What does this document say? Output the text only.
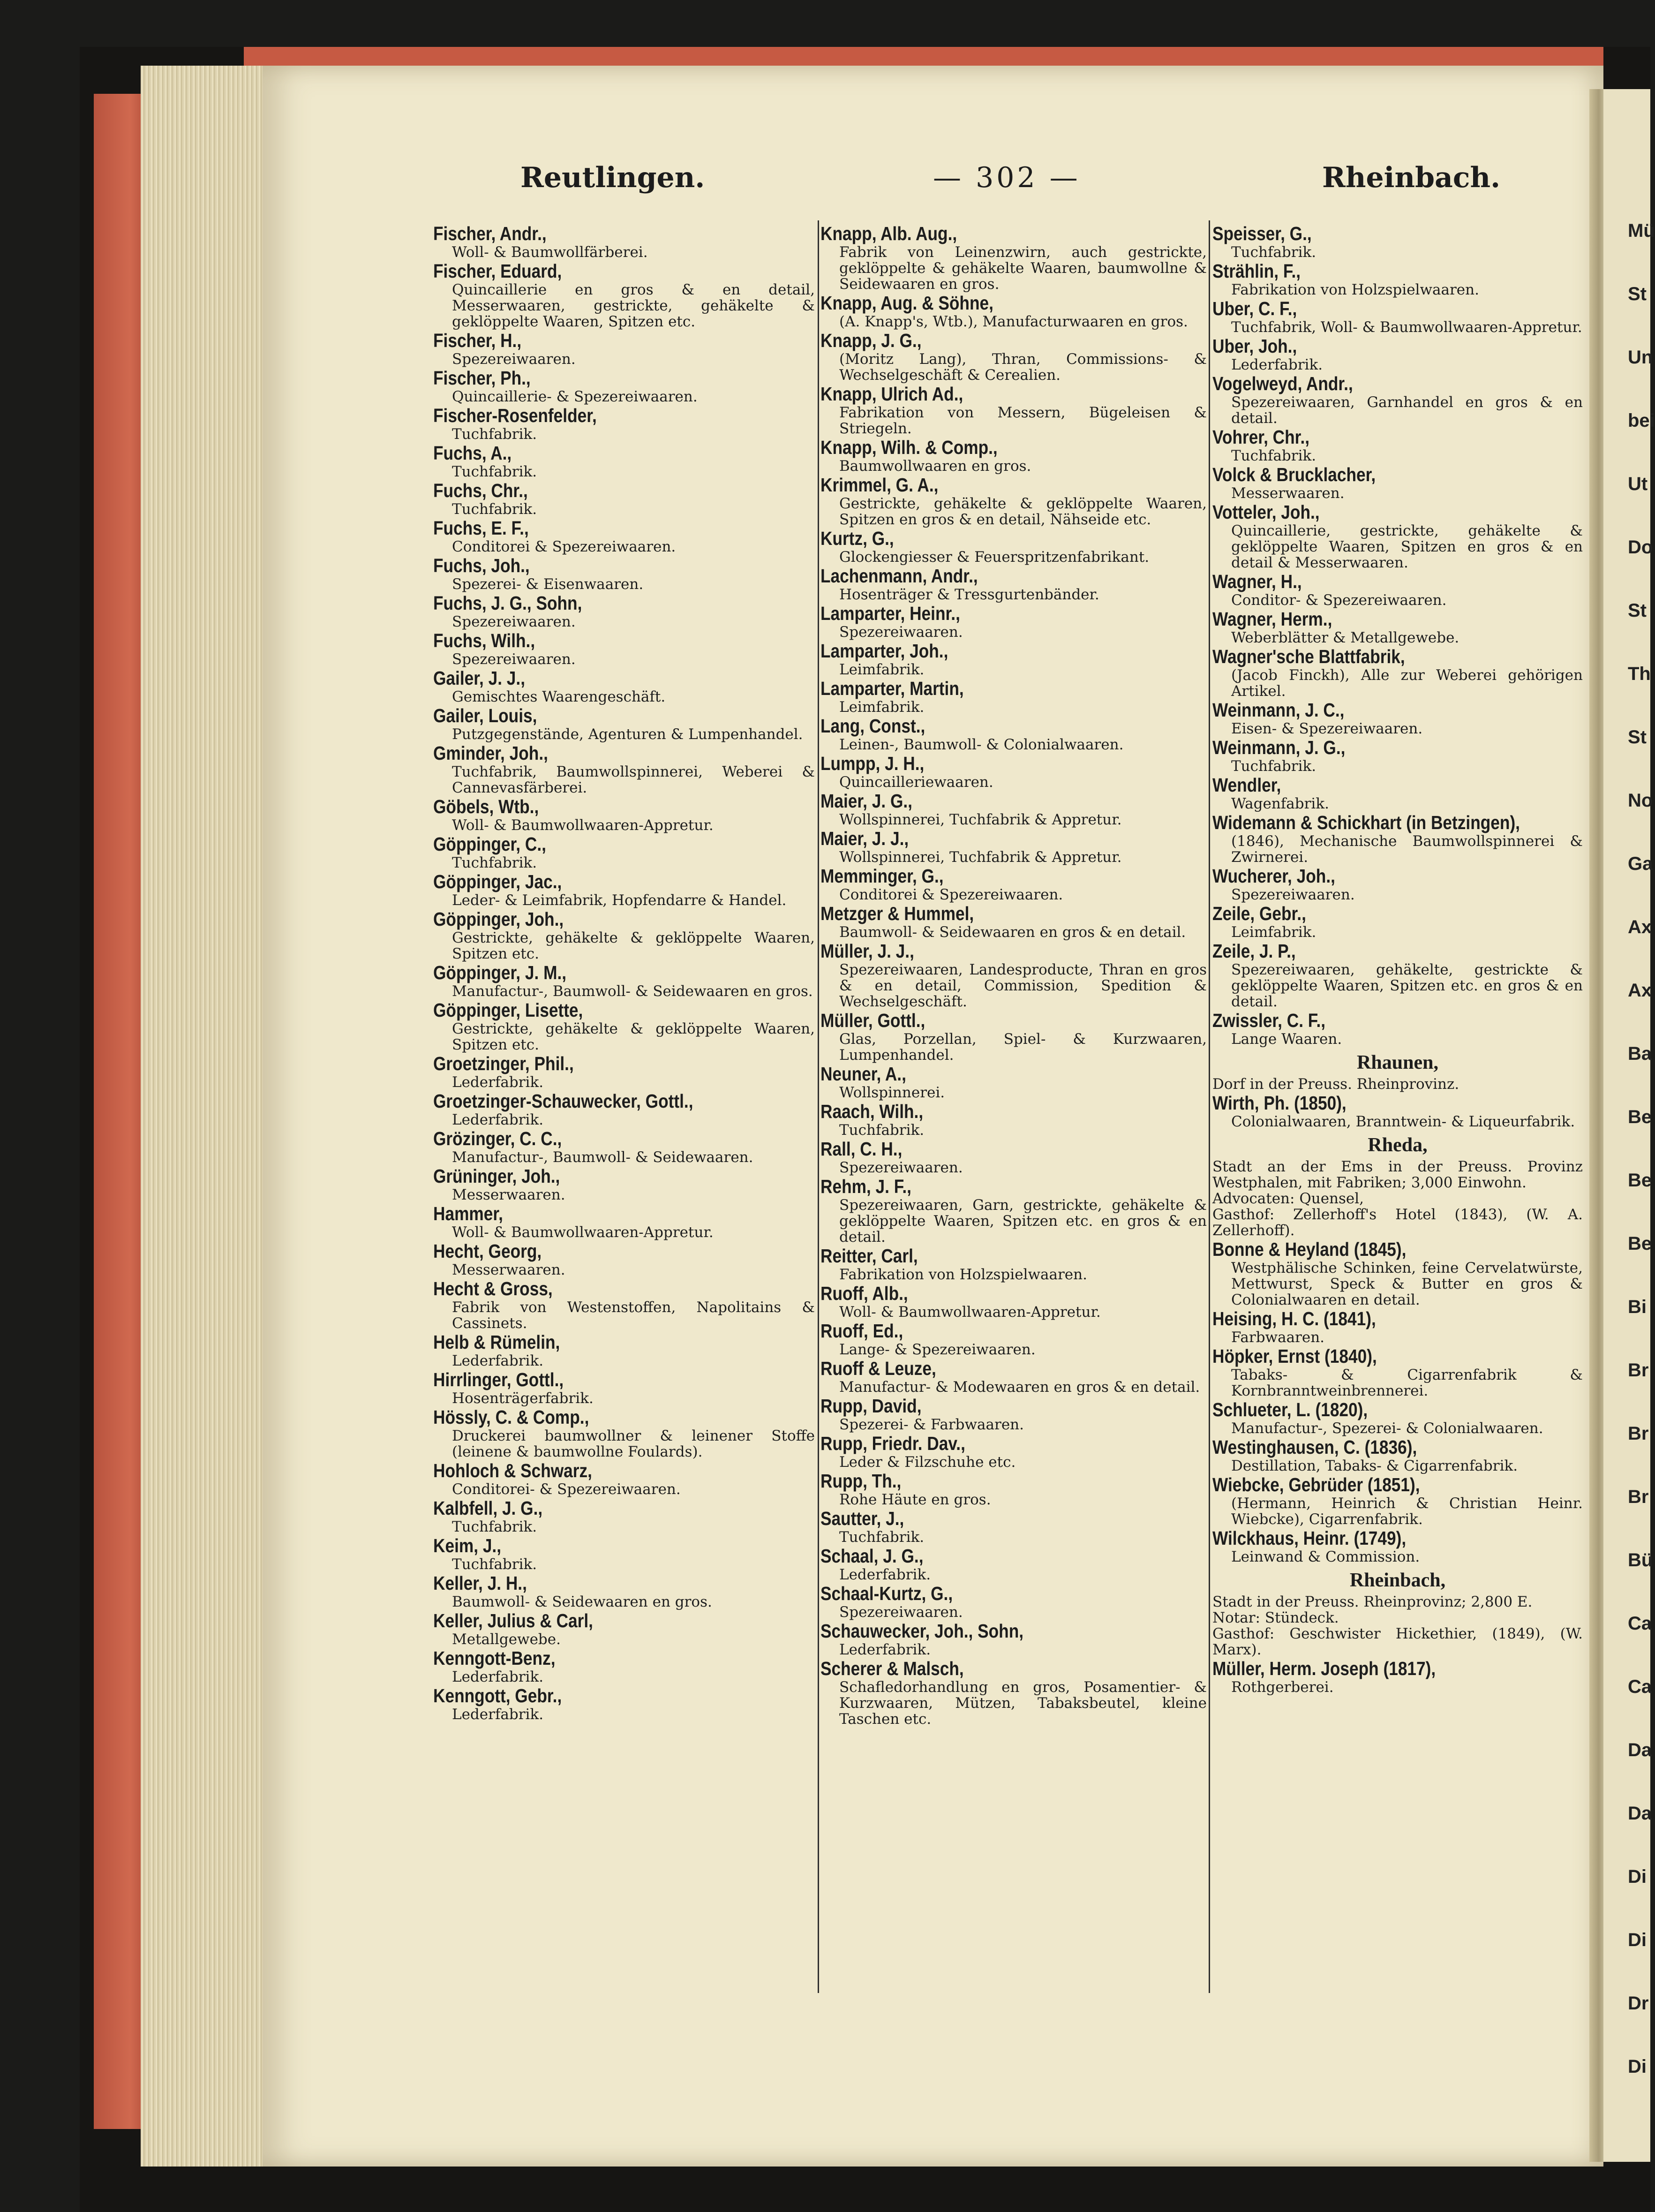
Mü
St
Un
bei
Ut
Do
St
Th
St
No
Ga
Ax
Ax
Ba
Be
Be
Be
Bi
Br
Br
Br
Bü
Ca
Ca
Da
Da
Di
Di
Dr
Di
Reutlingen.	— 302 —	Rheinbach.
Fischer, Andr.,
Woll- & Baumwollfärberei.
Fischer, Eduard,
Quincaillerie en gros & en detail, Messerwaaren, gestrickte, gehäkelte & geklöppelte Waaren, Spitzen etc.
Fischer, H.,
Spezereiwaaren.
Fischer, Ph.,
Quincaillerie- & Spezereiwaaren.
Fischer-Rosenfelder,
Tuchfabrik.
Fuchs, A.,
Tuchfabrik.
Fuchs, Chr.,
Tuchfabrik.
Fuchs, E. F.,
Conditorei & Spezereiwaaren.
Fuchs, Joh.,
Spezerei- & Eisenwaaren.
Fuchs, J. G., Sohn,
Spezereiwaaren.
Fuchs, Wilh.,
Spezereiwaaren.
Gailer, J. J.,
Gemischtes Waarengeschäft.
Gailer, Louis,
Putzgegenstände, Agenturen & Lumpenhandel.
Gminder, Joh.,
Tuchfabrik, Baumwollspinnerei, Weberei & Cannevasfärberei.
Göbels, Wtb.,
Woll- & Baumwollwaaren-Appretur.
Göppinger, C.,
Tuchfabrik.
Göppinger, Jac.,
Leder- & Leimfabrik, Hopfendarre & Handel.
Göppinger, Joh.,
Gestrickte, gehäkelte & geklöppelte Waaren, Spitzen etc.
Göppinger, J. M.,
Manufactur-, Baumwoll- & Seidewaaren en gros.
Göppinger, Lisette,
Gestrickte, gehäkelte & geklöppelte Waaren, Spitzen etc.
Groetzinger, Phil.,
Lederfabrik.
Groetzinger-Schauwecker, Gottl.,
Lederfabrik.
Grözinger, C. C.,
Manufactur-, Baumwoll- & Seidewaaren.
Grüninger, Joh.,
Messerwaaren.
Hammer,
Woll- & Baumwollwaaren-Appretur.
Hecht, Georg,
Messerwaaren.
Hecht & Gross,
Fabrik von Westenstoffen, Napolitains & Cassinets.
Helb & Rümelin,
Lederfabrik.
Hirrlinger, Gottl.,
Hosenträgerfabrik.
Hössly, C. & Comp.,
Druckerei baumwollner & leinener Stoffe (leinene & baumwollne Foulards).
Hohloch & Schwarz,
Conditorei- & Spezereiwaaren.
Kalbfell, J. G.,
Tuchfabrik.
Keim, J.,
Tuchfabrik.
Keller, J. H.,
Baumwoll- & Seidewaaren en gros.
Keller, Julius & Carl,
Metallgewebe.
Kenngott-Benz,
Lederfabrik.
Kenngott, Gebr.,
Lederfabrik.
Knapp, Alb. Aug.,
Fabrik von Leinenzwirn, auch gestrickte, geklöppelte & gehäkelte Waaren, baumwollne & Seidewaaren en gros.
Knapp, Aug. & Söhne,
(A. Knapp's, Wtb.), Manufacturwaaren en gros.
Knapp, J. G.,
(Moritz Lang), Thran, Commissions- & Wechselgeschäft & Cerealien.
Knapp, Ulrich Ad.,
Fabrikation von Messern, Bügeleisen & Striegeln.
Knapp, Wilh. & Comp.,
Baumwollwaaren en gros.
Krimmel, G. A.,
Gestrickte, gehäkelte & geklöppelte Waaren, Spitzen en gros & en detail, Nähseide etc.
Kurtz, G.,
Glockengiesser & Feuerspritzenfabrikant.
Lachenmann, Andr.,
Hosenträger & Tressgurtenbänder.
Lamparter, Heinr.,
Spezereiwaaren.
Lamparter, Joh.,
Leimfabrik.
Lamparter, Martin,
Leimfabrik.
Lang, Const.,
Leinen-, Baumwoll- & Colonialwaaren.
Lumpp, J. H.,
Quincailleriewaaren.
Maier, J. G.,
Wollspinnerei, Tuchfabrik & Appretur.
Maier, J. J.,
Wollspinnerei, Tuchfabrik & Appretur.
Memminger, G.,
Conditorei & Spezereiwaaren.
Metzger & Hummel,
Baumwoll- & Seidewaaren en gros & en detail.
Müller, J. J.,
Spezereiwaaren, Landesproducte, Thran en gros & en detail, Commission, Spedition & Wechselgeschäft.
Müller, Gottl.,
Glas, Porzellan, Spiel- & Kurzwaaren, Lumpenhandel.
Neuner, A.,
Wollspinnerei.
Raach, Wilh.,
Tuchfabrik.
Rall, C. H.,
Spezereiwaaren.
Rehm, J. F.,
Spezereiwaaren, Garn, gestrickte, gehäkelte & geklöppelte Waaren, Spitzen etc. en gros & en detail.
Reitter, Carl,
Fabrikation von Holzspielwaaren.
Ruoff, Alb.,
Woll- & Baumwollwaaren-Appretur.
Ruoff, Ed.,
Lange- & Spezereiwaaren.
Ruoff & Leuze,
Manufactur- & Modewaaren en gros & en detail.
Rupp, David,
Spezerei- & Farbwaaren.
Rupp, Friedr. Dav.,
Leder & Filzschuhe etc.
Rupp, Th.,
Rohe Häute en gros.
Sautter, J.,
Tuchfabrik.
Schaal, J. G.,
Lederfabrik.
Schaal-Kurtz, G.,
Spezereiwaaren.
Schauwecker, Joh., Sohn,
Lederfabrik.
Scherer & Malsch,
Schafledorhandlung en gros, Posamentier- & Kurzwaaren, Mützen, Tabaksbeutel, kleine Taschen etc.
Speisser, G.,
Tuchfabrik.
Strählin, F.,
Fabrikation von Holzspielwaaren.
Uber, C. F.,
Tuchfabrik, Woll- & Baumwollwaaren-Appretur.
Uber, Joh.,
Lederfabrik.
Vogelweyd, Andr.,
Spezereiwaaren, Garnhandel en gros & en detail.
Vohrer, Chr.,
Tuchfabrik.
Volck & Brucklacher,
Messerwaaren.
Votteler, Joh.,
Quincaillerie, gestrickte, gehäkelte & geklöppelte Waaren, Spitzen en gros & en detail & Messerwaaren.
Wagner, H.,
Conditor- & Spezereiwaaren.
Wagner, Herm.,
Weberblätter & Metallgewebe.
Wagner'sche Blattfabrik,
(Jacob Finckh), Alle zur Weberei gehörigen Artikel.
Weinmann, J. C.,
Eisen- & Spezereiwaaren.
Weinmann, J. G.,
Tuchfabrik.
Wendler,
Wagenfabrik.
Widemann & Schickhart (in Betzingen),
(1846), Mechanische Baumwollspinnerei & Zwirnerei.
Wucherer, Joh.,
Spezereiwaaren.
Zeile, Gebr.,
Leimfabrik.
Zeile, J. P.,
Spezereiwaaren, gehäkelte, gestrickte & geklöppelte Waaren, Spitzen etc. en gros & en detail.
Zwissler, C. F.,
Lange Waaren.
Rhaunen,
Dorf in der Preuss. Rheinprovinz.
Wirth, Ph. (1850),
Colonialwaaren, Branntwein- & Liqueurfabrik.
Rheda,
Stadt an der Ems in der Preuss. Provinz Westphalen, mit Fabriken; 3,000 Einwohn.
Advocaten: Quensel,
Gasthof: Zellerhoff's Hotel (1843), (W. A. Zellerhoff).
Bonne & Heyland (1845),
Westphälische Schinken, feine Cervelatwürste, Mettwurst, Speck & Butter en gros & Colonialwaaren en detail.
Heising, H. C. (1841),
Farbwaaren.
Höpker, Ernst (1840),
Tabaks- & Cigarrenfabrik & Kornbranntweinbrennerei.
Schlueter, L. (1820),
Manufactur-, Spezerei- & Colonialwaaren.
Westinghausen, C. (1836),
Destillation, Tabaks- & Cigarrenfabrik.
Wiebcke, Gebrüder (1851),
(Hermann, Heinrich & Christian Heinr. Wiebcke), Cigarrenfabrik.
Wilckhaus, Heinr. (1749),
Leinwand & Commission.
Rheinbach,
Stadt in der Preuss. Rheinprovinz; 2,800 E.
Notar: Stündeck.
Gasthof: Geschwister Hickethier, (1849), (W. Marx).
Müller, Herm. Joseph (1817),
Rothgerberei.
